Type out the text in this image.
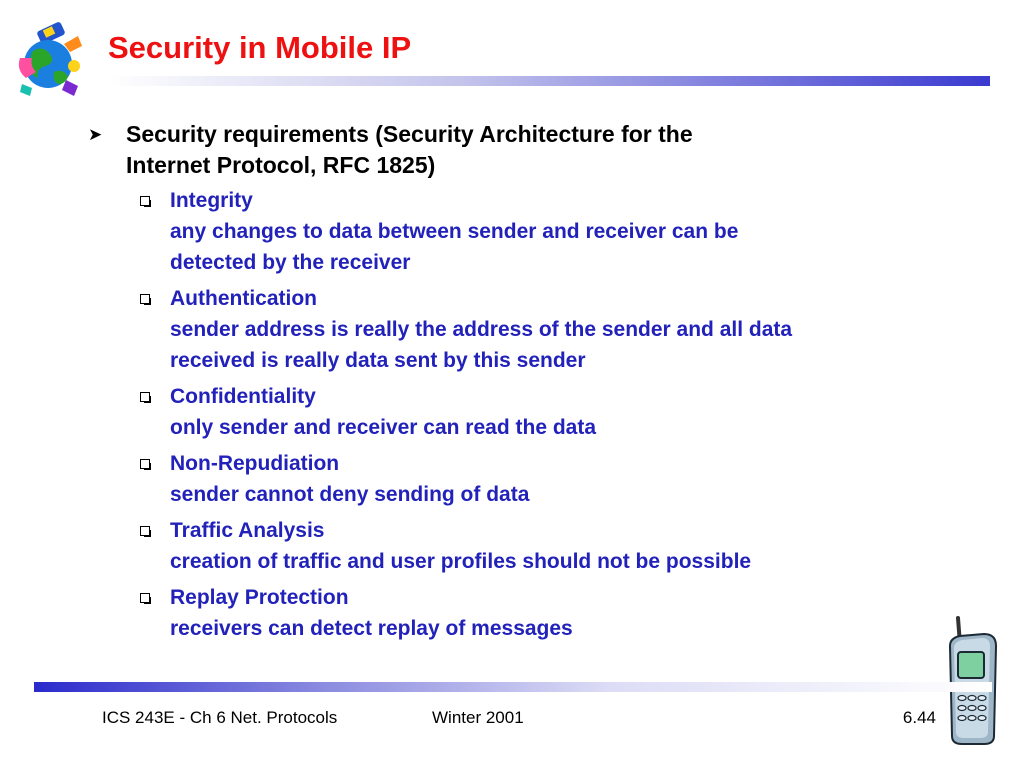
Security in Mobile IP
➤ Security requirements (Security Architecture for the
Internet Protocol, RFC 1825)
Integrity
any changes to data between sender and receiver can be
detected by the receiver
Authentication
sender address is really the address of the sender and all data
received is really data sent by this sender
Confidentiality
only sender and receiver can read the data
Non-Repudiation
sender cannot deny sending of data
Traffic Analysis
creation of traffic and user profiles should not be possible
Replay Protection
receivers can detect replay of messages
ICS 243E - Ch 6 Net. Protocols	Winter 2001	6.44
